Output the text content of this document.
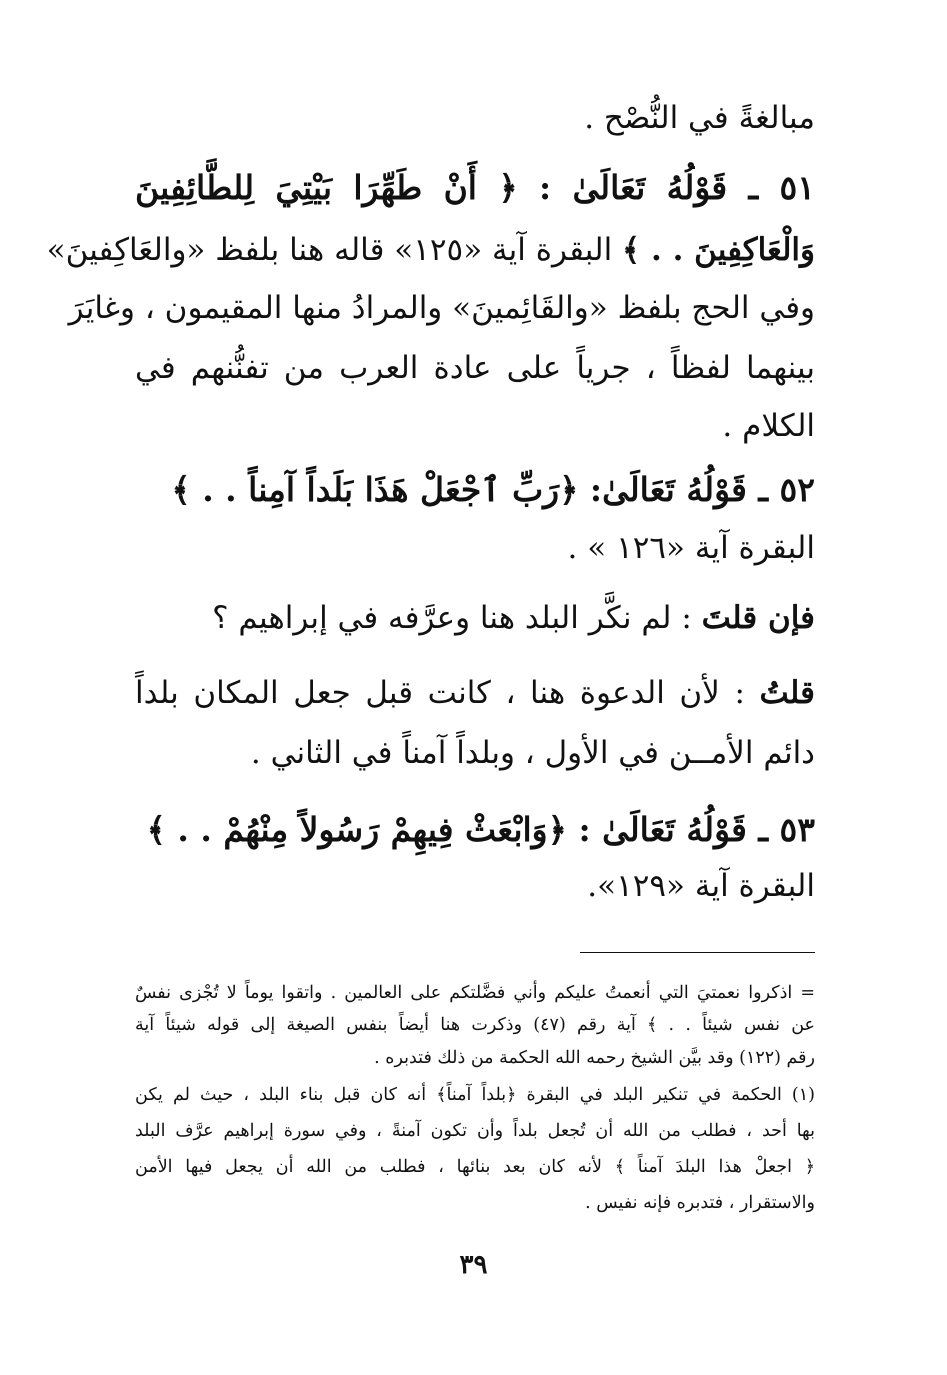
مبالغةً في النُّصْح .
٥١ ـ قَوْلُهُ تَعَالَىٰ : ﴿ أَنْ طَهِّرَا بَيْتِيَ لِلطَّائِفِينَ
وَالْعَاكِفِينَ . . ﴾ البقرة آية «١٢٥» قاله هنا بلفظ «والعَاكِفينَ»
وفي الحج بلفظ «والقَائِمينَ» والمرادُ منها المقيمون ، وغايَرَ
بينهما لفظاً ، جرياً على عادة العرب من تفنُّنهم في
الكلام .
٥٢ ـ قَوْلُهُ تَعَالَىٰ: ﴿رَبِّ ٱجْعَلْ هَذَا بَلَداً آمِناً . . ﴾
البقرة آية «١٢٦ » .
فإن قلتَ : لم نكَّر البلد هنا وعرَّفه في إبراهيم ؟
قلتُ : لأن الدعوة هنا ، كانت قبل جعل المكان بلداً
دائم الأمــن في الأول ، وبلداً آمناً في الثاني .
٥٣ ـ قَوْلُهُ تَعَالَىٰ : ﴿وَابْعَثْ فِيهِمْ رَسُولاً مِنْهُمْ . . ﴾
البقرة آية «١٢٩».
= اذكروا نعمتيَ التي أنعمتُ عليكم وأني فضَّلتكم على العالمين . واتقوا يوماً لا تُجْزى نفسٌ
عن نفس شيئاً . . ﴾ آية رقم (٤٧) وذكرت هنا أيضاً بنفس الصيغة إلى قوله شيئاً آية
رقم (١٢٢) وقد بيَّن الشيخ رحمه الله الحكمة من ذلك فتدبره .
(١) الحكمة في تنكير البلد في البقرة ﴿بلداً آمناً﴾ أنه كان قبل بناء البلد ، حيث لم يكن
بها أحد ، فطلب من الله أن تُجعل بلداً وأن تكون آمنةً ، وفي سورة إبراهيم عرَّف البلد
﴿ اجعلْ هذا البلدَ آمناً ﴾ لأنه كان بعد بنائها ، فطلب من الله أن يجعل فيها الأمن
والاستقرار ، فتدبره فإنه نفيس .
٣٩
